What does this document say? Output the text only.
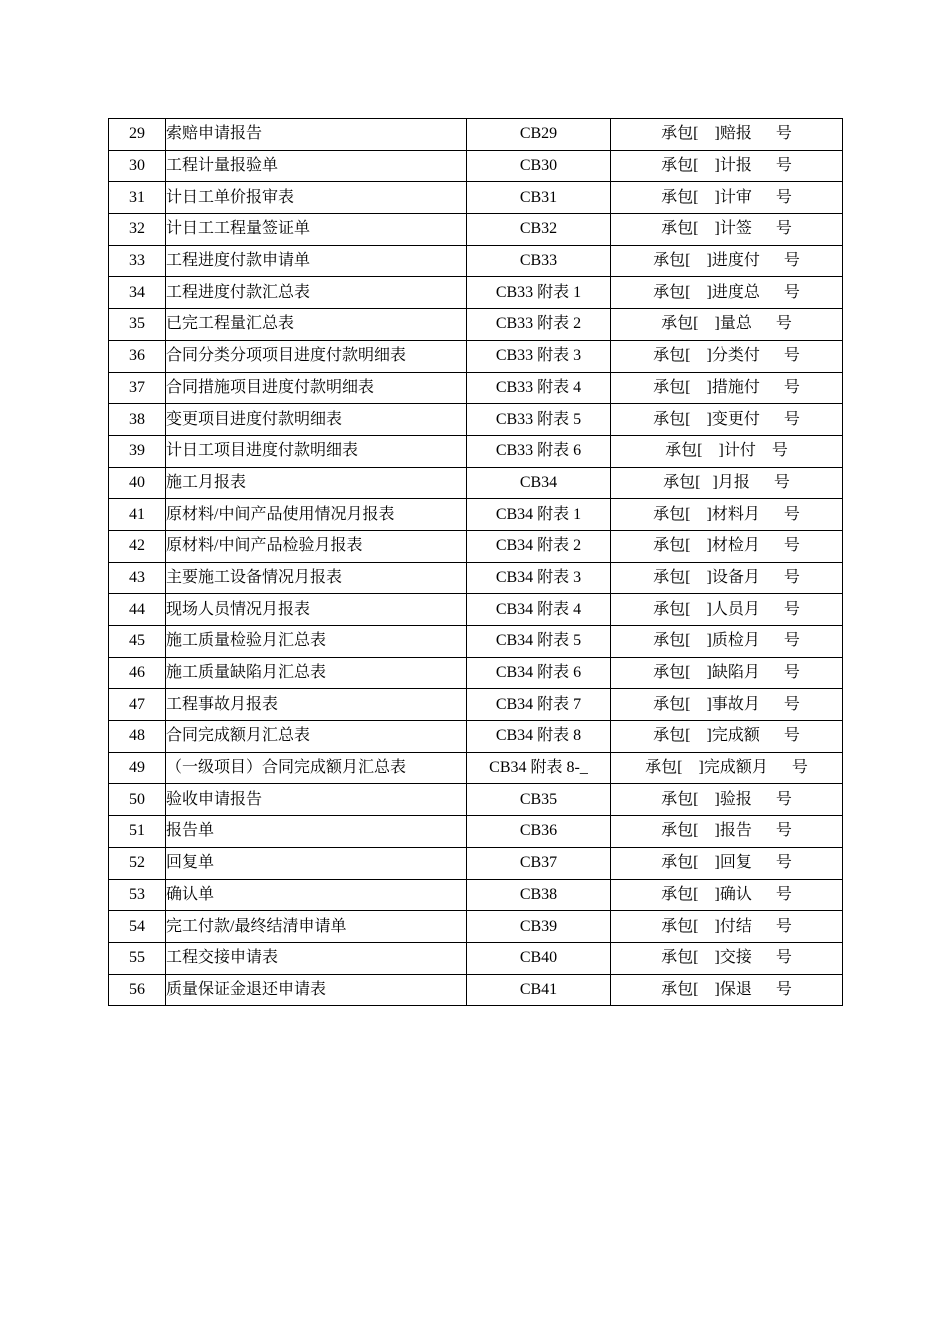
29	索赔申请报告	CB29	承包[    ]赔报      号
30	工程计量报验单	CB30	承包[    ]计报      号
31	计日工单价报审表	CB31	承包[    ]计审      号
32	计日工工程量签证单	CB32	承包[    ]计签      号
33	工程进度付款申请单	CB33	承包[    ]进度付      号
34	工程进度付款汇总表	CB33 附表 1	承包[    ]进度总      号
35	已完工程量汇总表	CB33 附表 2	承包[    ]量总      号
36	合同分类分项项目进度付款明细表	CB33 附表 3	承包[    ]分类付      号
37	合同措施项目进度付款明细表	CB33 附表 4	承包[    ]措施付      号
38	变更项目进度付款明细表	CB33 附表 5	承包[    ]变更付      号
39	计日工项目进度付款明细表	CB33 附表 6	承包[    ]计付    号
40	施工月报表	CB34	承包[   ]月报      号
41	原材料/中间产品使用情况月报表	CB34 附表 1	承包[    ]材料月      号
42	原材料/中间产品检验月报表	CB34 附表 2	承包[    ]材检月      号
43	主要施工设备情况月报表	CB34 附表 3	承包[    ]设备月      号
44	现场人员情况月报表	CB34 附表 4	承包[    ]人员月      号
45	施工质量检验月汇总表	CB34 附表 5	承包[    ]质检月      号
46	施工质量缺陷月汇总表	CB34 附表 6	承包[    ]缺陷月      号
47	工程事故月报表	CB34 附表 7	承包[    ]事故月      号
48	合同完成额月汇总表	CB34 附表 8	承包[    ]完成额      号
49	（一级项目）合同完成额月汇总表	CB34 附表 8-_	承包[    ]完成额月      号
50	验收申请报告	CB35	承包[    ]验报      号
51	报告单	CB36	承包[    ]报告      号
52	回复单	CB37	承包[    ]回复      号
53	确认单	CB38	承包[    ]确认      号
54	完工付款/最终结清申请单	CB39	承包[    ]付结      号
55	工程交接申请表	CB40	承包[    ]交接      号
56	质量保证金退还申请表	CB41	承包[    ]保退      号
